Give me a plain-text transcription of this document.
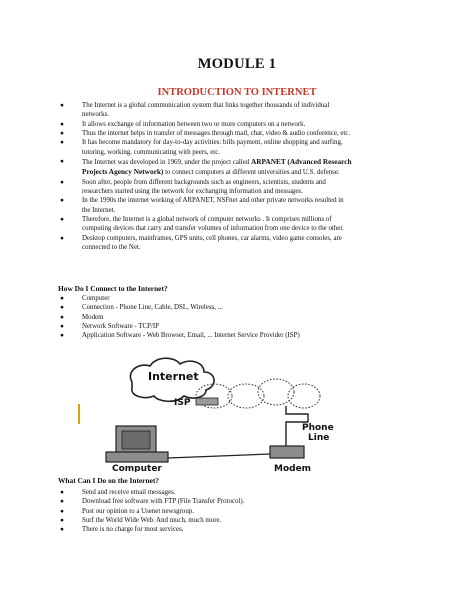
MODULE 1
INTRODUCTION TO INTERNET
●	The Internet is a global communication system that links together thousands of individual
networks.
●	It allows exchange of information between two or more computers on a network.
●	Thus the internet helps in transfer of messages through mail, chat, video & audio conference, etc.
●	It has become mandatory for day-to-day activities: bills payment, online shopping and surfing,
tutoring, working, communicating with peers, etc.
●	The Internet was developed in 1969, under the project called ARPANET (Advanced Research
Projects Agency Network) to connect computers at different universities and U.S. defense.
●	Soon after, people from different backgrounds such as engineers, scientists, students and
researchers started using the network for exchanging information and messages.
●	In the 1990s the internet working of ARPANET, NSFnet and other private networks resulted in
the Internet.
●	Therefore, the Internet is a global network of computer networks . It comprises millions of
computing devices that carry and transfer volumes of information from one device to the other.
●	Desktop computers, mainframes, GPS units, cell phones, car alarms, video game consoles, are
connected to the Net.
How Do I Connect to the Internet?
●	Computer
●	Connection - Phone Line, Cable, DSL, Wireless, ...
●	Modem
●	Network Software - TCP/IP
●	Application Software - Web Browser, Email, ... Internet Service Provider (ISP)
Internet
ISP
Phone
Line
Computer	Modem
What Can I Do on the Internet?
●	Send and receive email messages.
●	Download free software with FTP (File Transfer Protocol).
●	Post our opinion to a Usenet newsgroup.
●	Surf the World Wide Web. And much, much more.
●	There is no charge for most services.
